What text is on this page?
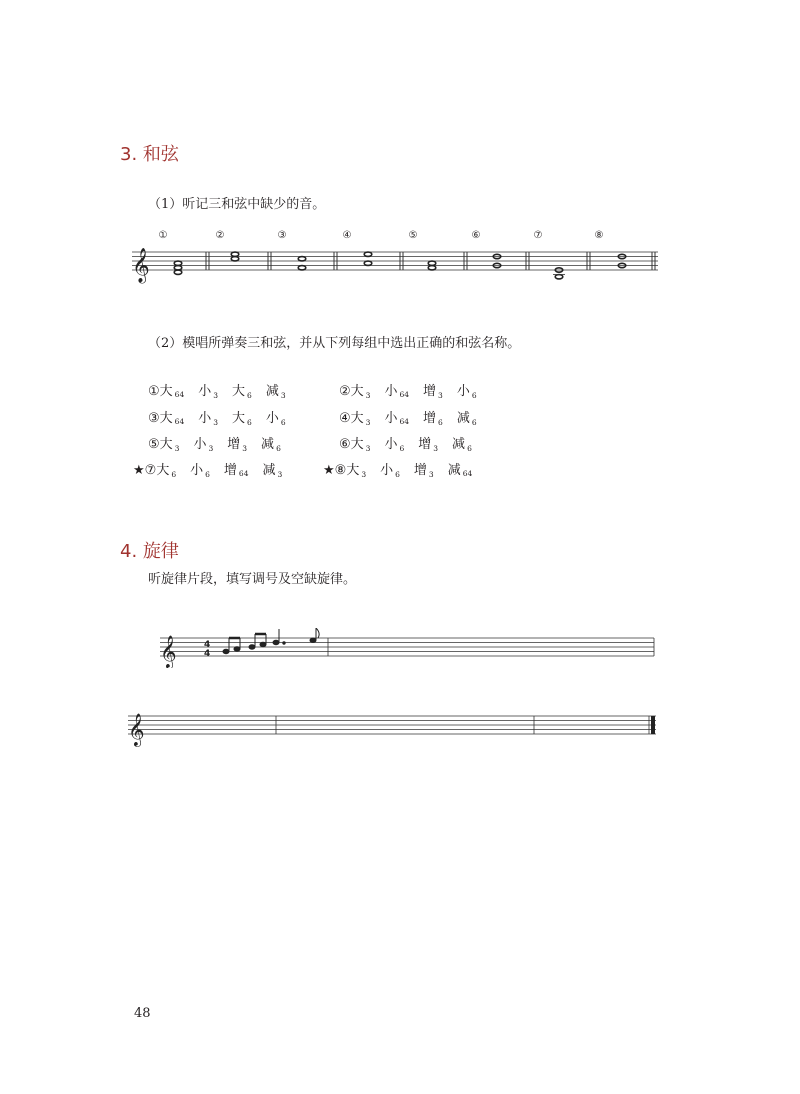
3. 和弦
（1）听记三和弦中缺少的音。
①	②	③	④	⑤	⑥	⑦	⑧
𝄞
（2）模唱所弹奏三和弦，并从下列每组中选出正确的和弦名称。
①大 64 小 $_3$ 大 $_6$ 减 $_3$	②大 $_3$ 小 64 增 $_3$ 小 $_6$
③大 64 小 $_3$ 大 $_6$ 小 $_6$	④大 $_3$ 小 64 增 $_6$ 减 $_6$
⑤大 $_3$ 小 $_3$ 增 $_3$ 减 $_6$	⑥大 $_3$ 小 $_6$ 增 $_3$ 减 $_6$
★⑦大 $_6$ 小 $_6$ 增 64 减 $_3$	★⑧大 $_3$ 小 $_6$ 增 $_3$ 减 64
4. 旋律
听旋律片段，填写调号及空缺旋律。
𝄞	4
4
𝄞
48
